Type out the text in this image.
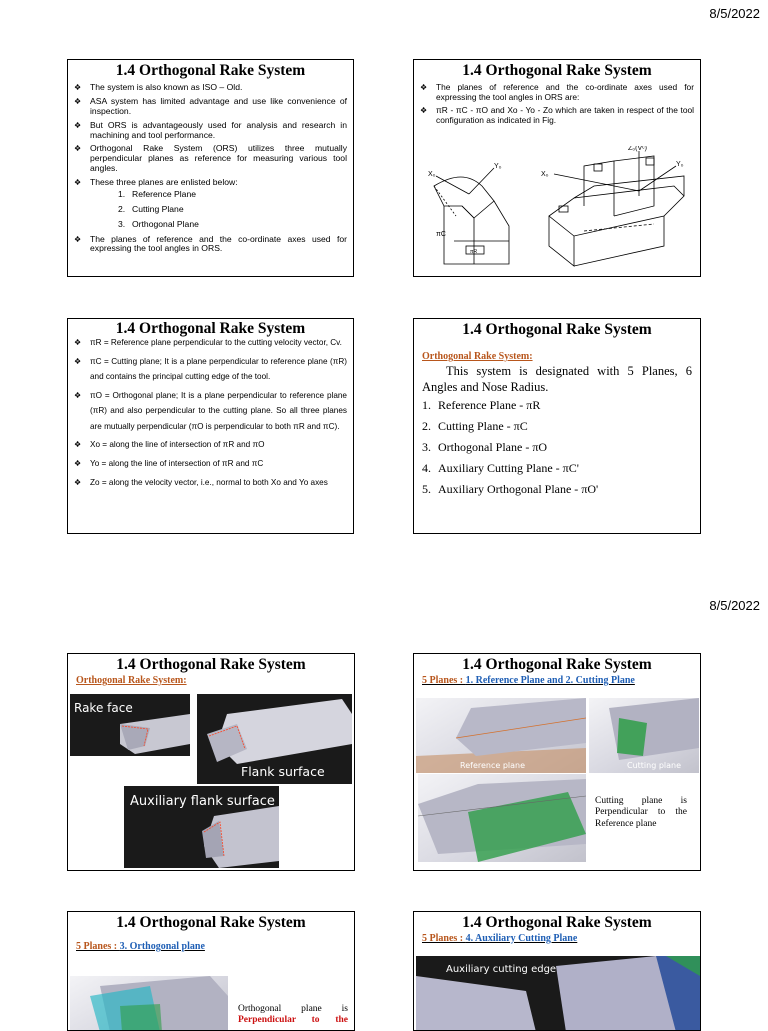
8/5/2022
8/5/2022
1.4 Orthogonal Rake System
❖ The system is also known as ISO – Old.
❖ ASA system has limited advantage and use like convenience of inspection.
❖ But ORS is advantageously used for analysis and research in machining and tool performance.
❖ Orthogonal Rake System (ORS) utilizes three mutually perpendicular planes as reference for measuring various tool angles.
❖ These three planes are enlisted below:
1. Reference Plane
2. Cutting Plane
3. Orthogonal Plane
❖ The planes of reference and the co-ordinate axes used for expressing the tool angles in ORS.
1.4 Orthogonal Rake System
❖ The planes of reference and the co-ordinate axes used for expressing the tool angles in ORS are:
❖ πR - πC - πO and Xo - Yo - Zo which are taken in respect of the tool configuration as indicated in Fig.
X₀
Y₀
πC
πR
X₀
Y₀
Z₀(Vᶜ)
1.4 Orthogonal Rake System
❖ πR = Reference plane perpendicular to the cutting velocity vector, Cv.
❖ πC = Cutting plane; It is a plane perpendicular to reference plane (πR) and contains the principal cutting edge of the tool.
❖ πO = Orthogonal plane; It is a plane perpendicular to reference plane (πR) and also perpendicular to the cutting plane. So all three planes are mutually perpendicular (πO is perpendicular to both πR and πC).
❖ Xo = along the line of intersection of πR and πO
❖ Yo = along the line of intersection of πR and πC
❖ Zo = along the velocity vector, i.e., normal to both Xo and Yo axes
1.4 Orthogonal Rake System
Orthogonal Rake System:
This system is designated with 5 Planes, 6 Angles and Nose Radius.
1. Reference Plane - πR
2. Cutting Plane - πC
3. Orthogonal Plane - πO
4. Auxiliary Cutting Plane - πC'
5. Auxiliary Orthogonal Plane - πO'
1.4 Orthogonal Rake System
Orthogonal Rake System:
Rake face
Flank surface
Auxiliary flank surface
1.4 Orthogonal Rake System
5 Planes : 1. Reference Plane and 2. Cutting Plane
Reference plane	Cutting plane
Cutting plane is Perpendicular to the Reference plane
1.4 Orthogonal Rake System
5 Planes : 3. Orthogonal plane
Orthogonal plane is
Perpendicular to the
1.4 Orthogonal Rake System
5 Planes : 4. Auxiliary Cutting Plane
Auxiliary cutting edge
